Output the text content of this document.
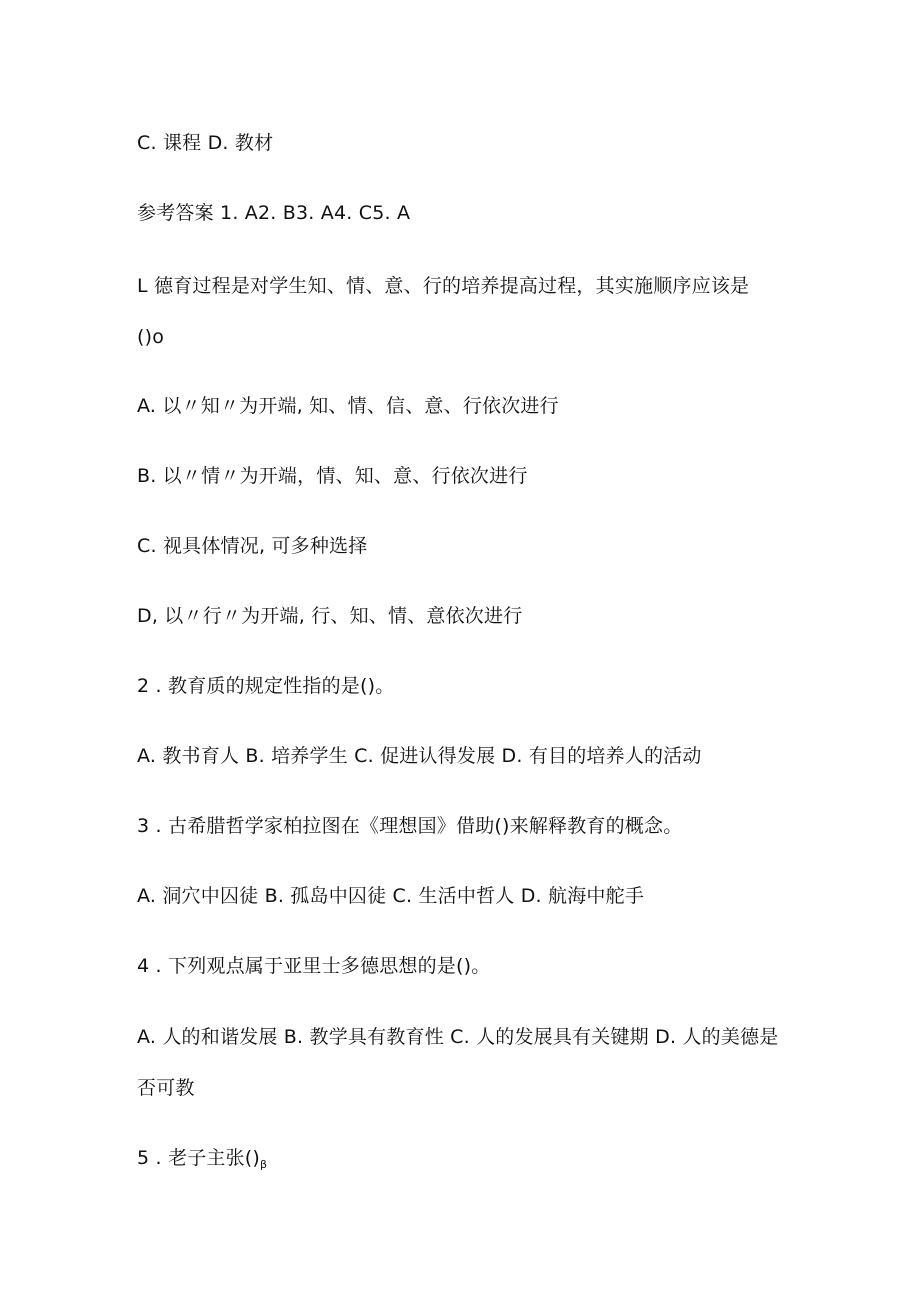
C. 课程 D. 教材
参考答案 1. A2. B3. A4. C5. A
L 德育过程是对学生知、情、意、行的培养提高过程，其实施顺序应该是
()o
A. 以〃知〃为开端, 知、情、信、意、行依次进行
B. 以〃情〃为开端，情、知、意、行依次进行
C. 视具体情况, 可多种选择
D, 以〃行〃为开端, 行、知、情、意依次进行
2 . 教育质的规定性指的是()。
A. 教书育人 B. 培养学生 C. 促进认得发展 D. 有目的培养人的活动
3 . 古希腊哲学家柏拉图在《理想国》借助()来解释教育的概念。
A. 洞穴中囚徒 B. 孤岛中囚徒 C. 生活中哲人 D. 航海中舵手
4 . 下列观点属于亚里士多德思想的是()。
A. 人的和谐发展 B. 教学具有教育性 C. 人的发展具有关键期 D. 人的美德是
否可教
5 . 老子主张$()_\beta$
